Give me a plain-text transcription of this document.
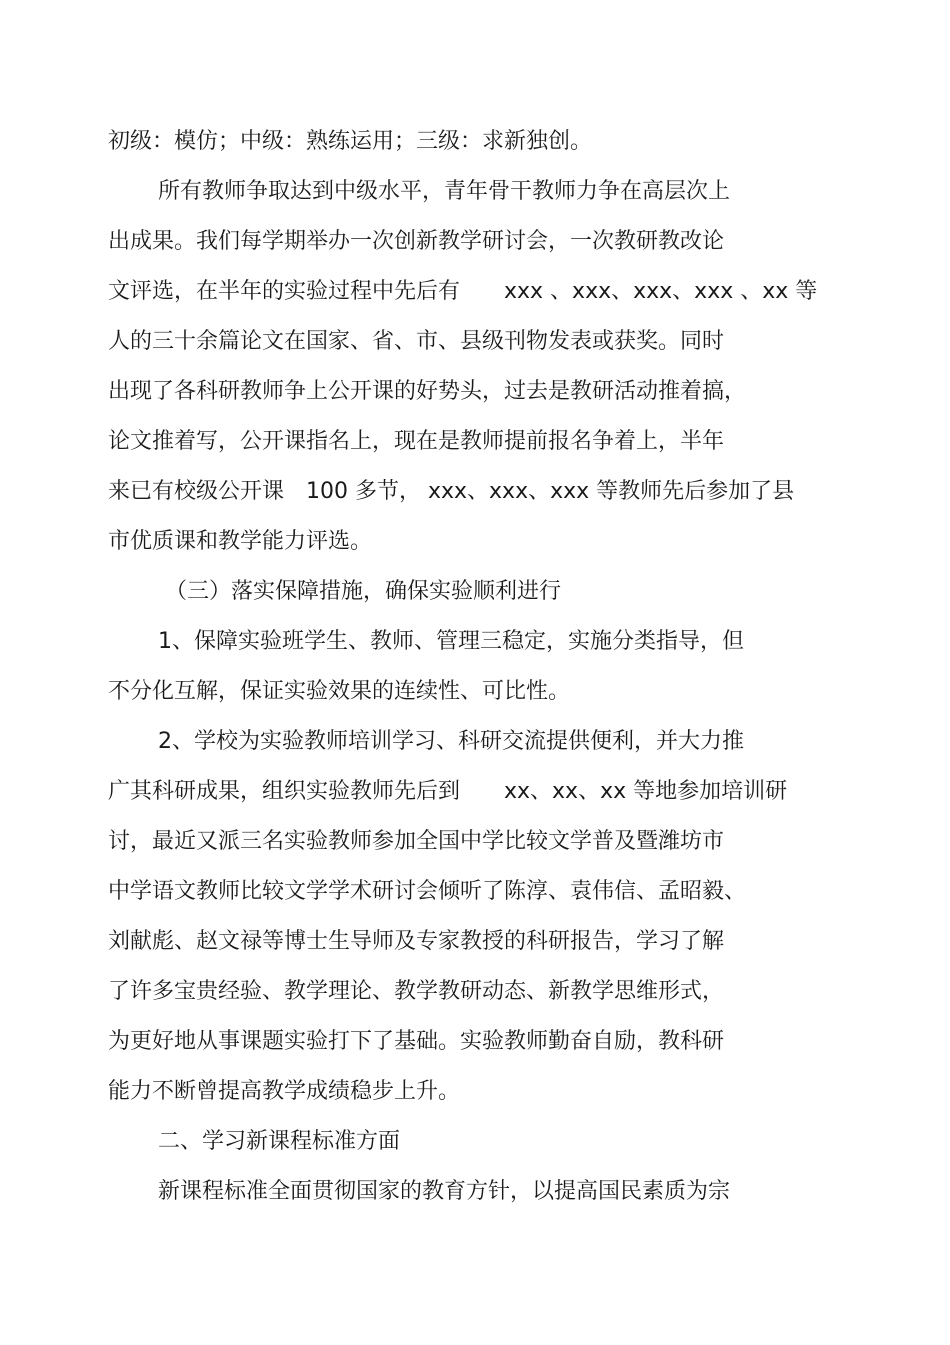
初级：模仿；中级：熟练运用；三级：求新独创。
所有教师争取达到中级水平，青年骨干教师力争在高层次上
出成果。我们每学期举办一次创新教学研讨会，一次教研教改论
文评选，在半年的实验过程中先后有　　xxx 、xxx、xxx、xxx 、xx 等
人的三十余篇论文在国家、省、市、县级刊物发表或获奖。同时
出现了各科研教师争上公开课的好势头，过去是教研活动推着搞，
论文推着写，公开课指名上，现在是教师提前报名争着上，半年
来已有校级公开课　100 多节， xxx、xxx、xxx 等教师先后参加了县
市优质课和教学能力评选。
（三）落实保障措施，确保实验顺利进行
1、保障实验班学生、教师、管理三稳定，实施分类指导，但
不分化互解，保证实验效果的连续性、可比性。
2、学校为实验教师培训学习、科研交流提供便利，并大力推
广其科研成果，组织实验教师先后到　　xx、xx、xx 等地参加培训研
讨，最近又派三名实验教师参加全国中学比较文学普及暨潍坊市
中学语文教师比较文学学术研讨会倾听了陈淳、袁伟信、孟昭毅、
刘献彪、赵文禄等博士生导师及专家教授的科研报告，学习了解
了许多宝贵经验、教学理论、教学教研动态、新教学思维形式，
为更好地从事课题实验打下了基础。实验教师勤奋自励，教科研
能力不断曾提高教学成绩稳步上升。
二、学习新课程标准方面
新课程标准全面贯彻国家的教育方针，以提高国民素质为宗
